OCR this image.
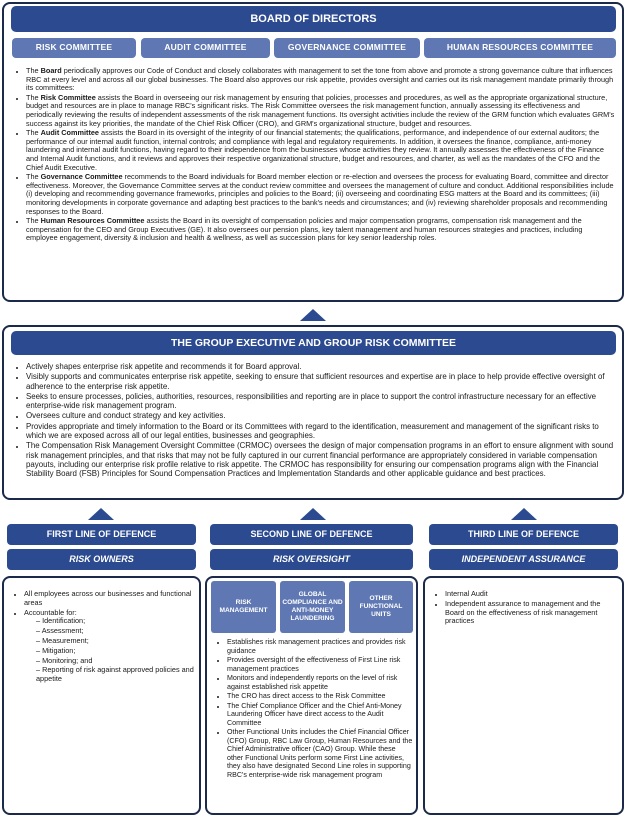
BOARD OF DIRECTORS
RISK COMMITTEE	AUDIT COMMITTEE	GOVERNANCE COMMITTEE	HUMAN RESOURCES COMMITTEE
• The Board periodically approves our Code of Conduct and closely collaborates with management to set the tone from above and promote a strong governance culture that influences RBC at every level and across all our global businesses. The Board also approves our risk appetite, provides oversight and carries out its risk management mandate primarily through its committees:
• The Risk Committee assists the Board in overseeing our risk management by ensuring that policies, processes and procedures, as well as the appropriate organizational structure, budget and resources are in place to manage RBC's significant risks. The Risk Committee oversees the risk management function, annually assessing its effectiveness and periodically reviewing the results of independent assessments of the risk management functions. Its oversight activities include the review of the GRM function which evaluates GRM's success against its key priorities, the mandate of the Chief Risk Officer (CRO), and GRM's organizational structure, budget and resources.
• The Audit Committee assists the Board in its oversight of the integrity of our financial statements; the qualifications, performance, and independence of our external auditors; the performance of our internal audit function, internal controls; and compliance with legal and regulatory requirements. In addition, it oversees the finance, compliance, anti-money laundering and internal audit functions, having regard to their independence from the businesses whose activities they review. It annually assesses the effectiveness of the Finance and Internal Audit functions, and it reviews and approves their respective organizational structure, budget and resources, and charter, as well as the mandates of the CFO and the Chief Audit Executive.
• The Governance Committee recommends to the Board individuals for Board member election or re-election and oversees the process for evaluating Board, committee and director effectiveness. Moreover, the Governance Committee serves at the conduct review committee and oversees the management of culture and conduct. Additional responsibilities include (i) developing and recommending governance frameworks, principles and policies to the Board; (ii) overseeing and coordinating ESG matters at the Board and its committees; (iii) monitoring developments in corporate governance and adapting best practices to the bank's needs and circumstances; and (iv) reviewing shareholder proposals and recommending responses to the Board.
• The Human Resources Committee assists the Board in its oversight of compensation policies and major compensation programs, compensation risk management and the compensation for the CEO and Group Executives (GE). It also oversees our pension plans, key talent management and human resources strategies and practices, including employee engagement, diversity & inclusion and health & wellness, as well as succession plans for key senior leadership roles.
THE GROUP EXECUTIVE AND GROUP RISK COMMITTEE
• Actively shapes enterprise risk appetite and recommends it for Board approval.
• Visibly supports and communicates enterprise risk appetite, seeking to ensure that sufficient resources and expertise are in place to help provide effective oversight of adherence to the enterprise risk appetite.
• Seeks to ensure processes, policies, authorities, resources, responsibilities and reporting are in place to support the control infrastructure necessary for an effective enterprise-wide risk management program.
• Oversees culture and conduct strategy and key activities.
• Provides appropriate and timely information to the Board or its Committees with regard to the identification, measurement and management of the significant risks to which we are exposed across all of our legal entities, businesses and geographies.
• The Compensation Risk Management Oversight Committee (CRMOC) oversees the design of major compensation programs in an effort to ensure alignment with sound risk management principles, and that risks that may not be fully captured in our current financial performance are appropriately considered in variable compensation payouts, including our enterprise risk profile relative to risk appetite. The CRMOC has responsibility for ensuring our compensation programs align with the Financial Stability Board (FSB) Principles for Sound Compensation Practices and Implementation Standards and other applicable guidance and best practices.
FIRST LINE OF DEFENCE
RISK OWNERS
SECOND LINE OF DEFENCE
RISK OVERSIGHT
THIRD LINE OF DEFENCE
INDEPENDENT ASSURANCE
• All employees across our businesses and functional areas
• Accountable for:
– Identification;
– Assessment;
– Measurement;
– Mitigation;
– Monitoring; and
– Reporting of risk against approved policies and appetite
RISK MANAGEMENT
GLOBAL COMPLIANCE AND ANTI-MONEY LAUNDERING
OTHER FUNCTIONAL UNITS
• Establishes risk management practices and provides risk guidance
• Provides oversight of the effectiveness of First Line risk management practices
• Monitors and independently reports on the level of risk against established risk appetite
• The CRO has direct access to the Risk Committee
• The Chief Compliance Officer and the Chief Anti-Money Laundering Officer have direct access to the Audit Committee
• Other Functional Units includes the Chief Financial Officer (CFO) Group, RBC Law Group, Human Resources and the Chief Administrative officer (CAO) Group. While these other Functional Units perform some First Line activities, they also have designated Second Line roles in supporting RBC's enterprise-wide risk management program
• Internal Audit
• Independent assurance to management and the Board on the effectiveness of risk management practices
